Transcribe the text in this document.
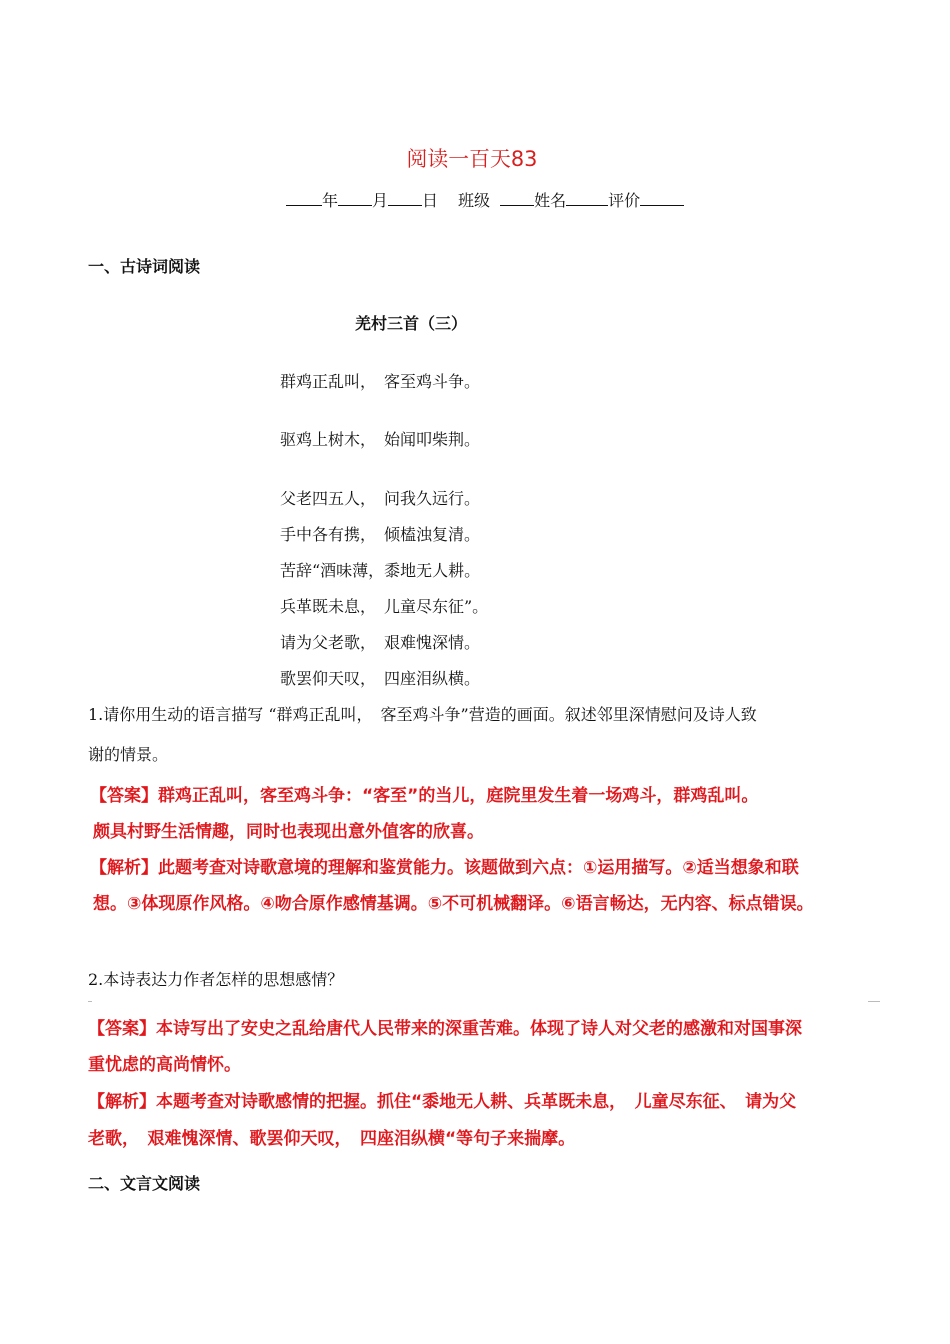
阅读一百天83
年 月 日 班级	姓名	评价
一、古诗词阅读
羌村三首（三）
群鸡正乱叫，　客至鸡斗争。
驱鸡上树木，　始闻叩柴荆。
父老四五人，　问我久远行。
手中各有携，　倾榼浊复清。
苦辞“酒味薄，黍地无人耕。
兵革既未息，　儿童尽东征”。
请为父老歌，　艰难愧深情。
歌罢仰天叹，　四座泪纵横。
1.请你用生动的语言描写 “群鸡正乱叫，　客至鸡斗争”营造的画面。叙述邻里深情慰问及诗人致
谢的情景。
【答案】群鸡正乱叫，客至鸡斗争：“客至”的当儿，庭院里发生着一场鸡斗，群鸡乱叫。
颇具村野生活情趣，同时也表现出意外值客的欣喜。
【解析】此题考查对诗歌意境的理解和鉴赏能力。该题做到六点：①运用描写。②适当想象和联
想。③体现原作风格。④吻合原作感情基调。⑤不可机械翻译。⑥语言畅达，无内容、标点错误。
2.本诗表达力作者怎样的思想感情？
【答案】本诗写出了安史之乱给唐代人民带来的深重苦难。体现了诗人对父老的感激和对国事深
重忧虑的高尚情怀。
【解析】本题考查对诗歌感情的把握。抓住“黍地无人耕、兵革既未息，　儿童尽东征、　请为父
老歌，　艰难愧深情、歌罢仰天叹，　四座泪纵横“等句子来揣摩。
二、文言文阅读
